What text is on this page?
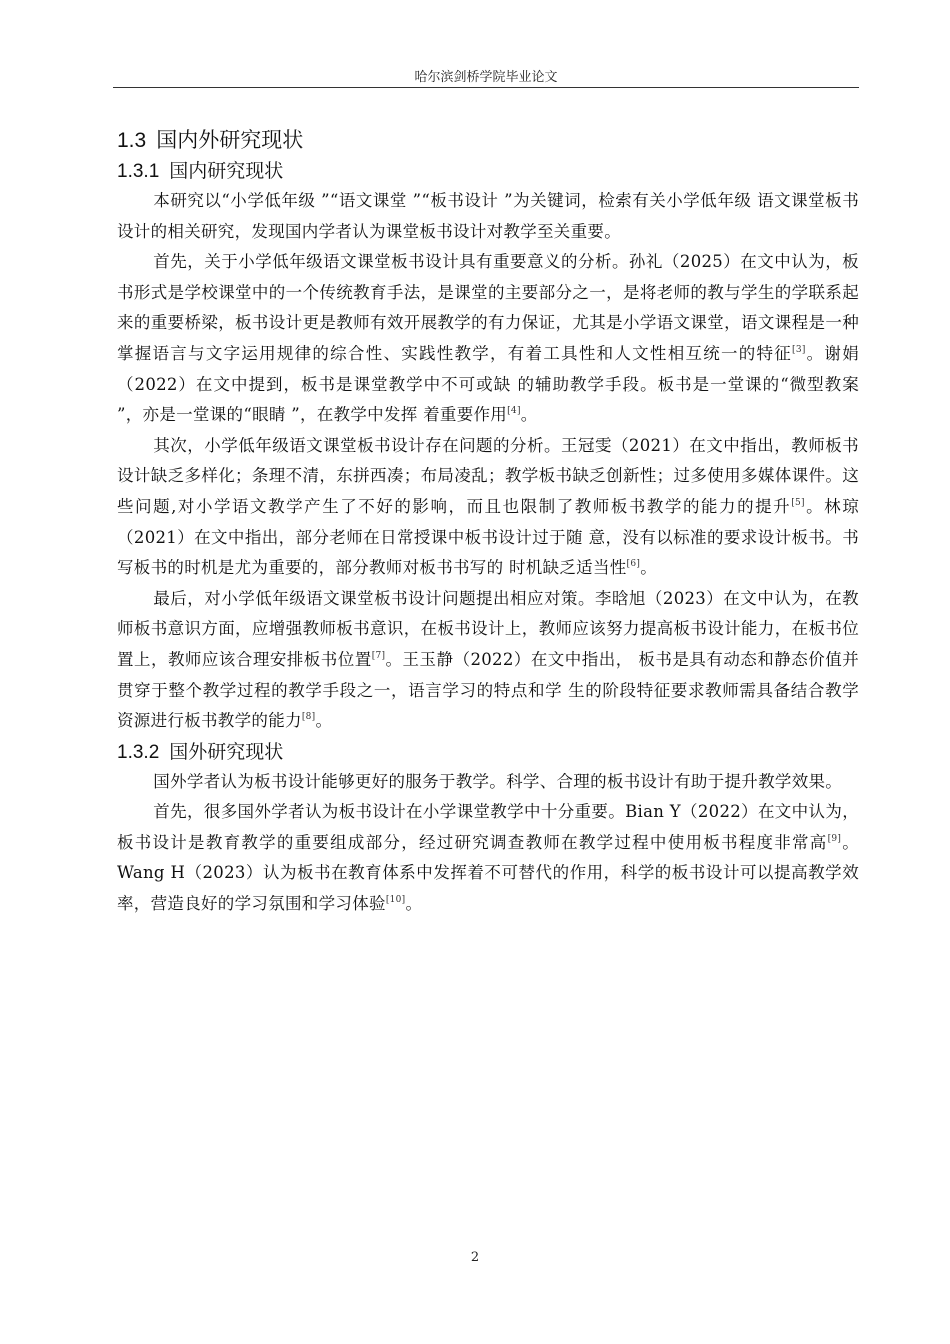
哈尔滨剑桥学院毕业论文
1.3 国内外研究现状
1.3.1 国内研究现状

本研究以“小学低年级 ”“语文课堂 ”“板书设计 ”为关键词，检索有关小学低年级 语文课堂板书设计的相关研究，发现国内学者认为课堂板书设计对教学至关重要。

首先，关于小学低年级语文课堂板书设计具有重要意义的分析。孙礼（2025）在文中认为，板书形式是学校课堂中的一个传统教育手法，是课堂的主要部分之一，是将老师的教与学生的学联系起来的重要桥梁，板书设计更是教师有效开展教学的有力保证，尤其是小学语文课堂，语文课程是一种掌握语言与文字运用规律的综合性、实践性教学，有着工具性和人文性相互统一的特征[3]。谢娟（2022）在文中提到，板书是课堂教学中不可或缺 的辅助教学手段。板书是一堂课的“微型教案 ”，亦是一堂课的“眼睛 ”，在教学中发挥 着重要作用[4]。

其次，小学低年级语文课堂板书设计存在问题的分析。王冠雯（2021）在文中指出，教师板书设计缺乏多样化；条理不清，东拼西凑；布局凌乱；教学板书缺乏创新性；过多使用多媒体课件。这些问题,对小学语文教学产生了不好的影响，而且也限制了教师板书教学的能力的提升[5]。林琼（2021）在文中指出，部分老师在日常授课中板书设计过于随 意，没有以标准的要求设计板书。书写板书的时机是尤为重要的，部分教师对板书书写的 时机缺乏适当性[6]。

最后，对小学低年级语文课堂板书设计问题提出相应对策。李晗旭（2023）在文中认为，在教师板书意识方面，应增强教师板书意识，在板书设计上，教师应该努力提高板书设计能力，在板书位置上，教师应该合理安排板书位置[7]。王玉静（2022）在文中指出， 板书是具有动态和静态价值并贯穿于整个教学过程的教学手段之一，语言学习的特点和学 生的阶段特征要求教师需具备结合教学资源进行板书教学的能力[8]。

1.3.2 国外研究现状

国外学者认为板书设计能够更好的服务于教学。科学、合理的板书设计有助于提升教学效果。

首先，很多国外学者认为板书设计在小学课堂教学中十分重要。Bian Y（2022）在文中认为，板书设计是教育教学的重要组成部分，经过研究调查教师在教学过程中使用板书程度非常高[9]。Wang H（2023）认为板书在教育体系中发挥着不可替代的作用，科学的板书设计可以提高教学效率，营造良好的学习氛围和学习体验[10]。

2
